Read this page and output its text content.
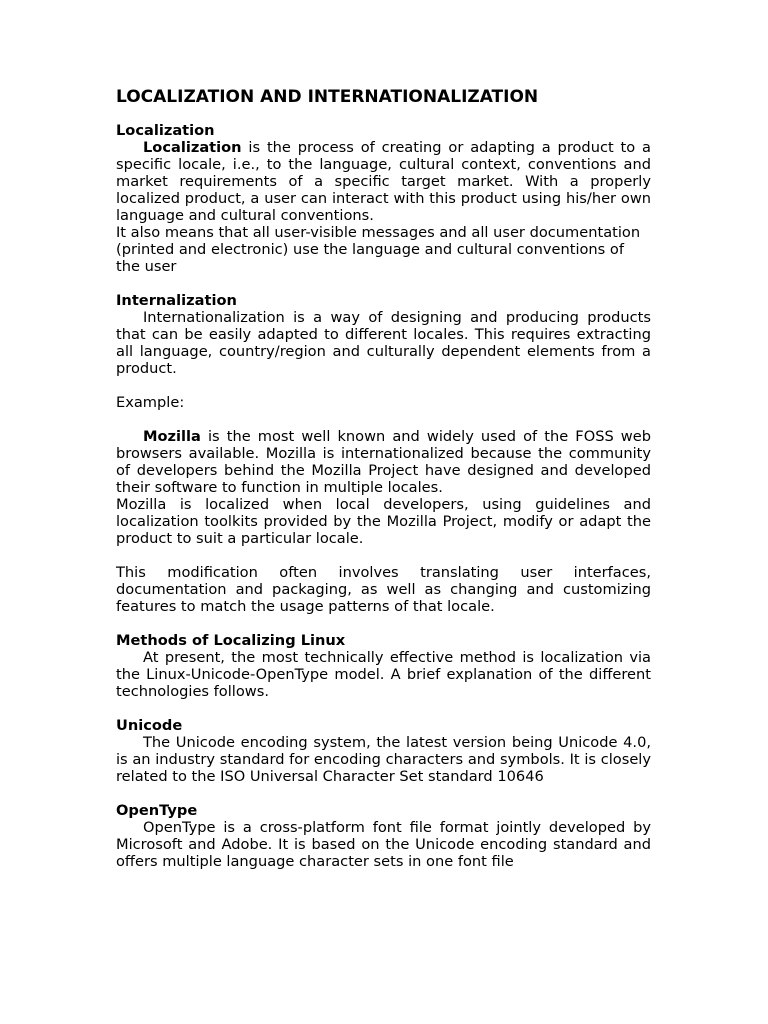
LOCALIZATION AND INTERNATIONALIZATION
Localization

Localization is the process of creating or adapting a product to a specific locale, i.e., to the language, cultural context, conventions and market requirements of a specific target market. With a properly localized product, a user can interact with this product using his/her own language and cultural conventions.

It also means that all user-visible messages and all user documentation (printed and electronic) use the language and cultural conventions of the user

Internalization

Internationalization is a way of designing and producing products that can be easily adapted to different locales. This requires extracting all language, country/region and culturally dependent elements from a product.

Example:

Mozilla is the most well known and widely used of the FOSS web browsers available. Mozilla is internationalized because the community of developers behind the Mozilla Project have designed and developed their software to function in multiple locales.

Mozilla is localized when local developers, using guidelines and localization toolkits provided by the Mozilla Project, modify or adapt the product to suit a particular locale.

This modification often involves translating user interfaces, documentation and packaging, as well as changing and customizing features to match the usage patterns of that locale.

Methods of Localizing Linux

At present, the most technically effective method is localization via the Linux-Unicode-OpenType model. A brief explanation of the different technologies follows.

Unicode

The Unicode encoding system, the latest version being Unicode 4.0, is an industry standard for encoding characters and symbols. It is closely related to the ISO Universal Character Set standard 10646

OpenType

OpenType is a cross-platform font file format jointly developed by Microsoft and Adobe. It is based on the Unicode encoding standard and offers multiple language character sets in one font file
